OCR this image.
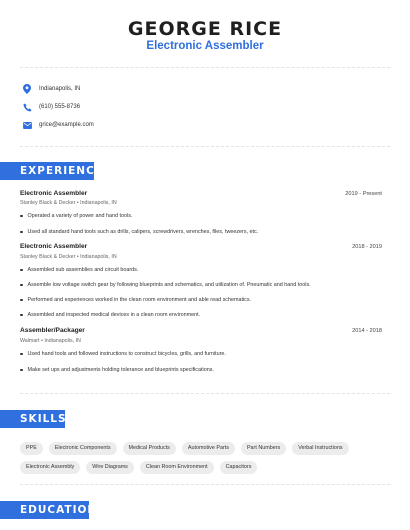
GEORGE RICE
Electronic Assembler
Indianapolis, IN
(610) 555-8736
grice@example.com
EXPERIENCE
Electronic Assembler	2019 - Present
Stanley Black & Decker • Indianapolis, IN
Operated a variety of power and hand tools.
Used all standard hand tools such as drills, calipers, screwdrivers, wrenches, files, tweezers, etc.
Electronic Assembler	2018 - 2019
Stanley Black & Decker • Indianapolis, IN
Assembled sub assemblies and circuit boards.
Assemble low voltage switch gear by following blueprints and schematics, and utilization of. Pneumatic and hand tools.
Performed and experiences worked in the clean room environment and able read schematics.
Assembled and inspected medical devices in a clean room environment.
Assembler/Packager	2014 - 2018
Walmart • Indianapolis, IN
Used hand tools and followed instructions to construct bicycles, grills, and furniture.
Make set ups and adjustments holding tolerance and blueprints specifications.
SKILLS
PPE	Electronic Components	Medical Products	Automotive Parts	Part Numbers	Verbal Instructions
Electronic Assembly	Wire Diagrams	Clean Room Environment	Capacitors
EDUCATION
